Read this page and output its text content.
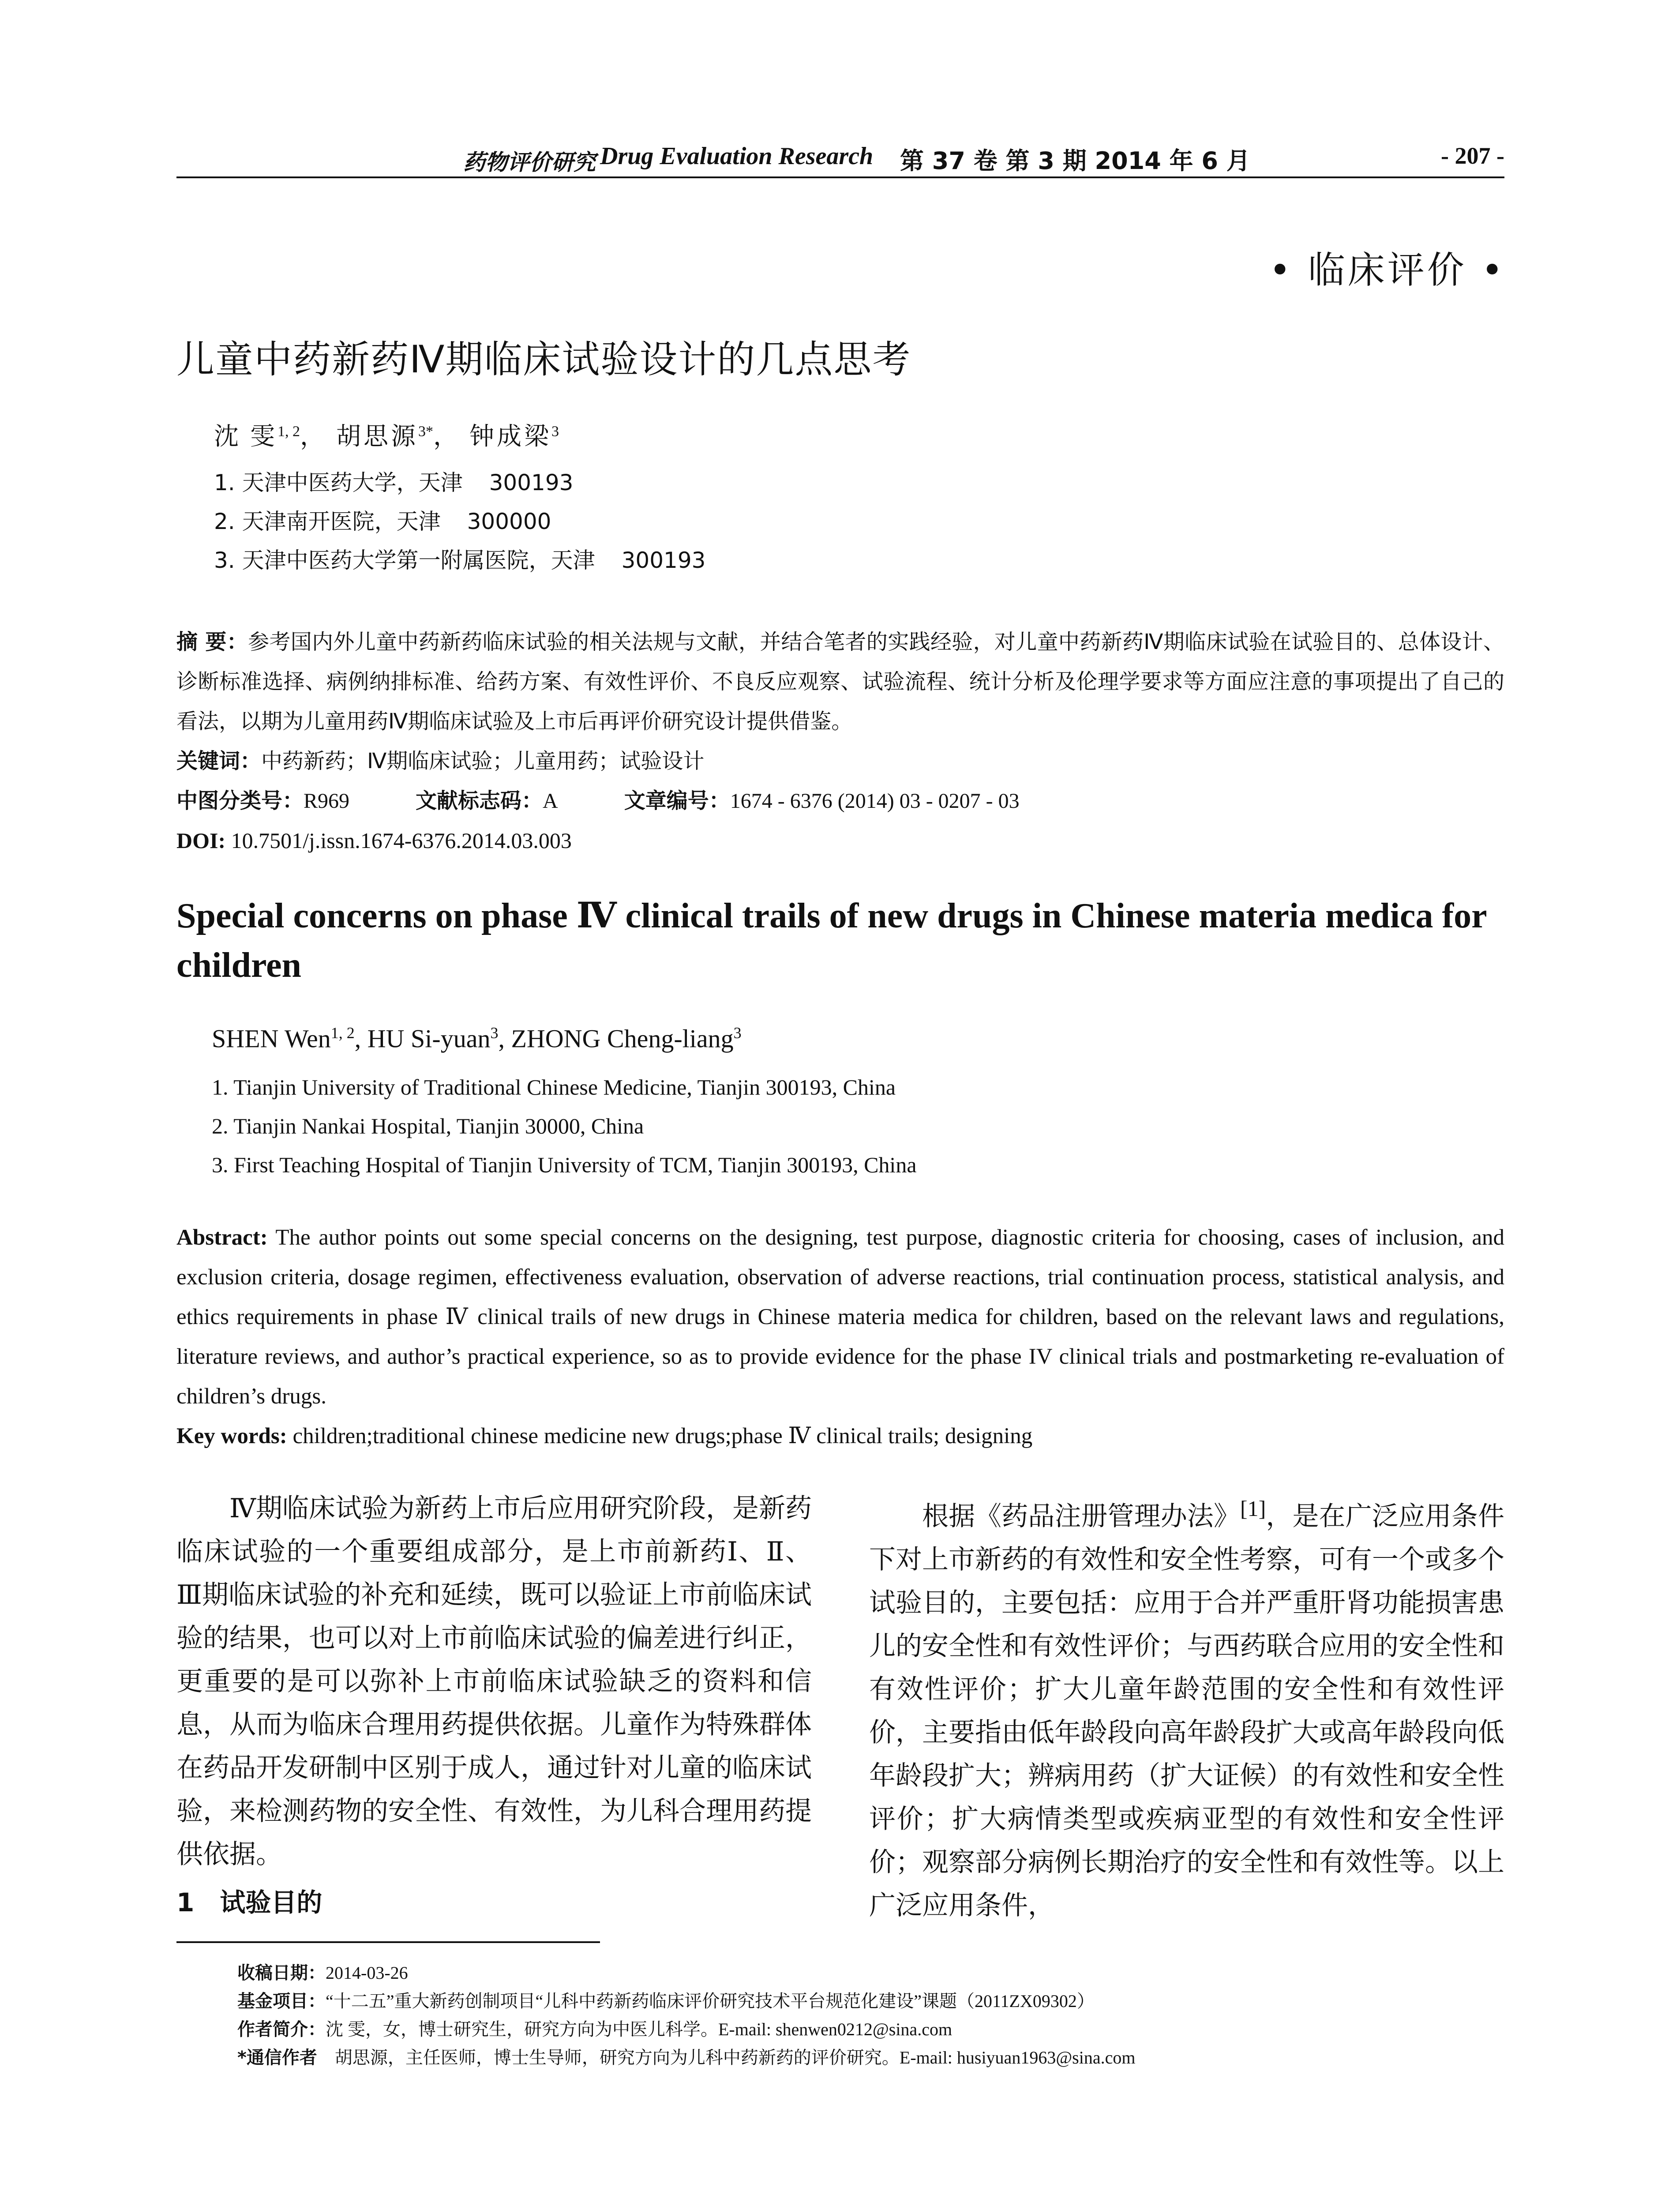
药物评价研究 Drug Evaluation Research 第 37 卷 第 3 期 2014 年 6 月	- 207 -
• 临床评价 •
儿童中药新药Ⅳ期临床试验设计的几点思考
沈 雯$^{1, 2}$， 胡思源$^{3*}$， 钟成梁$^3$
1. 天津中医药大学，天津 300193
2. 天津南开医院，天津 300000
3. 天津中医药大学第一附属医院，天津 300193
摘 要：参考国内外儿童中药新药临床试验的相关法规与文献，并结合笔者的实践经验，对儿童中药新药Ⅳ期临床试验在试验目的、总体设计、诊断标准选择、病例纳排标准、给药方案、有效性评价、不良反应观察、试验流程、统计分析及伦理学要求等方面应注意的事项提出了自己的看法，以期为儿童用药Ⅳ期临床试验及上市后再评价研究设计提供借鉴。
关键词：中药新药；Ⅳ期临床试验；儿童用药；试验设计
中图分类号：R969	文献标志码：A	文章编号：1674 - 6376 (2014) 03 - 0207 - 03
DOI: 10.7501/j.issn.1674-6376.2014.03.003
Special concerns on phase Ⅳ clinical trails of new drugs in Chinese materia medica for children
SHEN Wen$^{1, 2}$, HU Si-yuan$^3$, ZHONG Cheng-liang$^3$
1. Tianjin University of Traditional Chinese Medicine, Tianjin 300193, China
2. Tianjin Nankai Hospital, Tianjin 30000, China
3. First Teaching Hospital of Tianjin University of TCM, Tianjin 300193, China
Abstract: The author points out some special concerns on the designing, test purpose, diagnostic criteria for choosing, cases of inclusion, and exclusion criteria, dosage regimen, effectiveness evaluation, observation of adverse reactions, trial continuation process, statistical analysis, and ethics requirements in phase Ⅳ clinical trails of new drugs in Chinese materia medica for children, based on the relevant laws and regulations, literature reviews, and author’s practical experience, so as to provide evidence for the phase IV clinical trials and postmarketing re-evaluation of children’s drugs.
Key words: children;traditional chinese medicine new drugs;phase Ⅳ clinical trails; designing

Ⅳ期临床试验为新药上市后应用研究阶段，是新药临床试验的一个重要组成部分，是上市前新药Ⅰ、Ⅱ、Ⅲ期临床试验的补充和延续，既可以验证上市前临床试验的结果，也可以对上市前临床试验的偏差进行纠正，更重要的是可以弥补上市前临床试验缺乏的资料和信息，从而为临床合理用药提供依据。儿童作为特殊群体在药品开发研制中区别于成人，通过针对儿童的临床试验，来检测药物的安全性、有效性，为儿科合理用药提供依据。

1　试验目的

根据《药品注册管理办法》[1]，是在广泛应用条件下对上市新药的有效性和安全性考察，可有一个或多个试验目的，主要包括：应用于合并严重肝肾功能损害患儿的安全性和有效性评价；与西药联合应用的安全性和有效性评价；扩大儿童年龄范围的安全性和有效性评价，主要指由低年龄段向高年龄段扩大或高年龄段向低年龄段扩大；辨病用药（扩大证候）的有效性和安全性评价；扩大病情类型或疾病亚型的有效性和安全性评价；观察部分病例长期治疗的安全性和有效性等。以上广泛应用条件，

收稿日期：2014-03-26
基金项目：“十二五”重大新药创制项目“儿科中药新药临床评价研究技术平台规范化建设”课题（2011ZX09302）
作者简介：沈 雯，女，博士研究生，研究方向为中医儿科学。E-mail: shenwen0212@sina.com
*通信作者　 胡思源，主任医师，博士生导师，研究方向为儿科中药新药的评价研究。E-mail: husiyuan1963@sina.com
